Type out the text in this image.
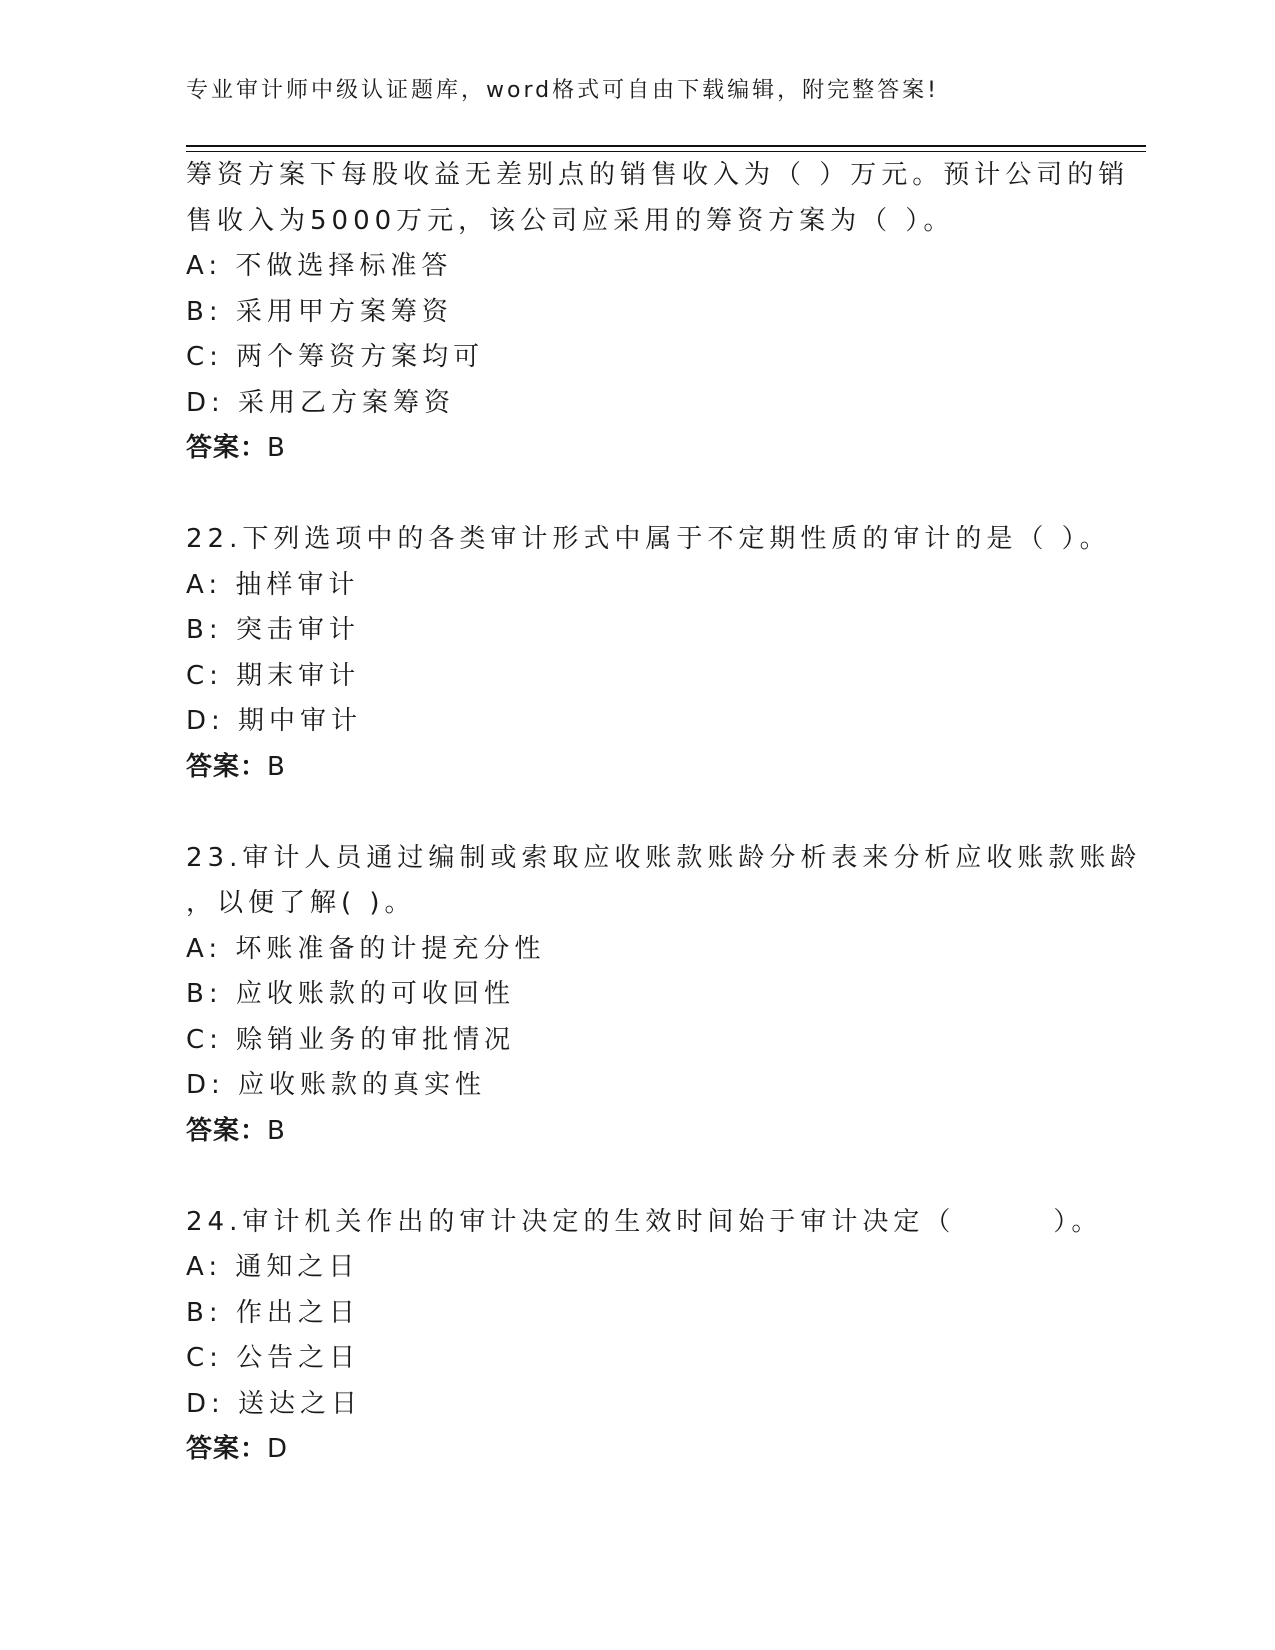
专业审计师中级认证题库，word格式可自由下载编辑，附完整答案!
筹资方案下每股收益无差别点的销售收入为（ ）万元。预计公司的销
售收入为5000万元，该公司应采用的筹资方案为（ ）。
A: 不做选择标准答
B: 采用甲方案筹资
C: 两个筹资方案均可
D: 采用乙方案筹资
答案：B
22.下列选项中的各类审计形式中属于不定期性质的审计的是（ ）。
A: 抽样审计
B: 突击审计
C: 期末审计
D: 期中审计
答案：B
23.审计人员通过编制或索取应收账款账龄分析表来分析应收账款账龄
，以便了解( )。
A: 坏账准备的计提充分性
B: 应收账款的可收回性
C: 赊销业务的审批情况
D: 应收账款的真实性
答案：B
24.审计机关作出的审计决定的生效时间始于审计决定（	）。
A: 通知之日
B: 作出之日
C: 公告之日
D: 送达之日
答案：D
